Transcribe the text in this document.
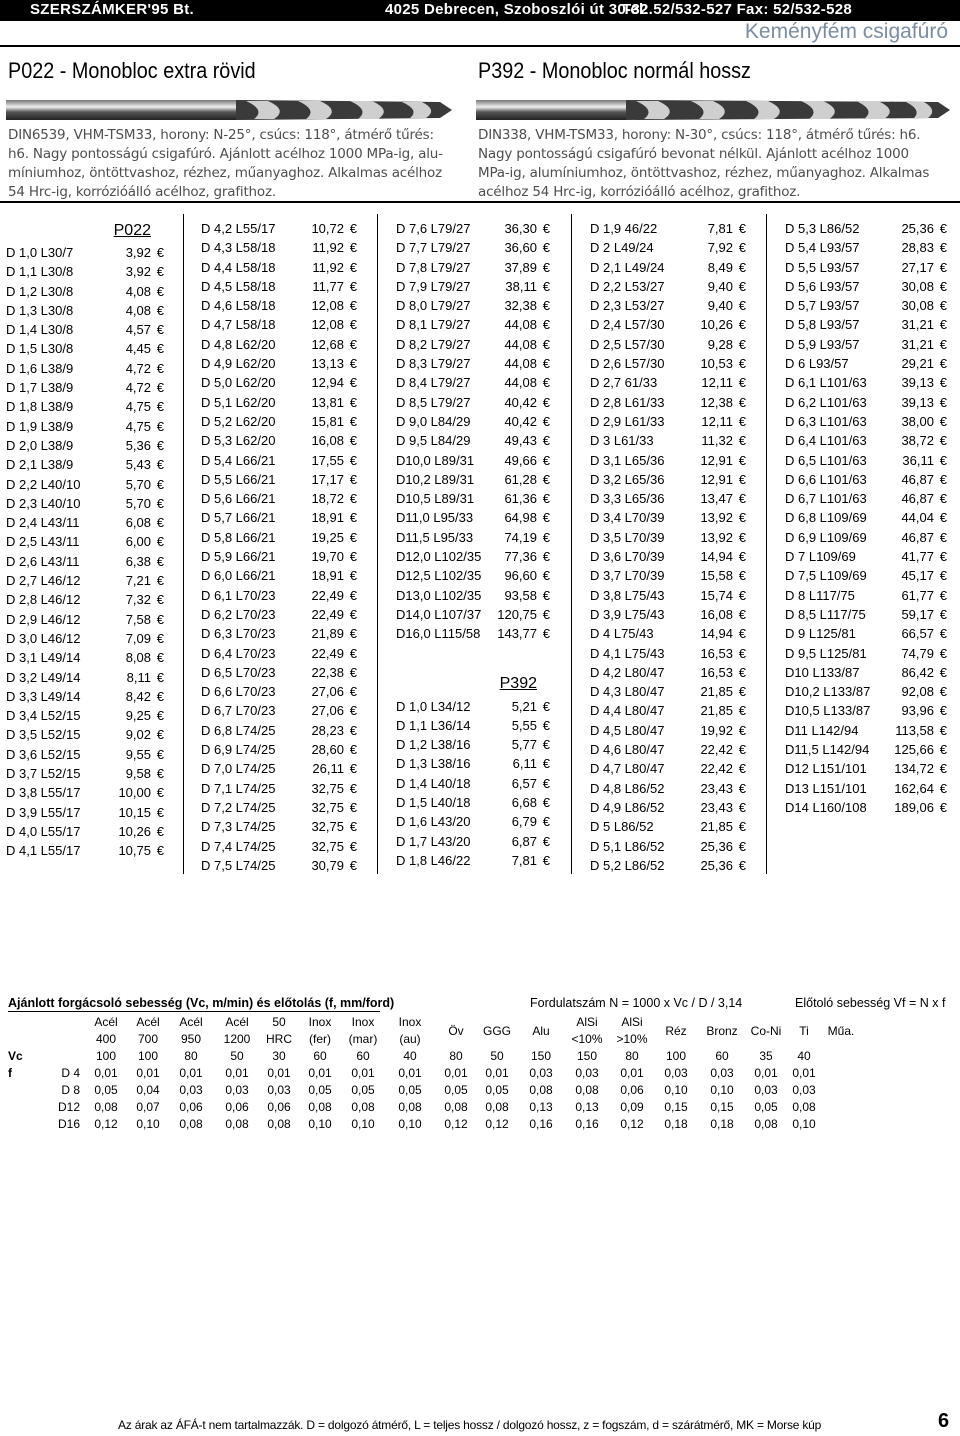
SZERSZÁMKER'95 Bt.	4025 Debrecen, Szoboszlói út 30-32.
Tel: 52/532-527 Fax: 52/532-528
Keményfém csigafúró
P022 - Monobloc extra rövid	P392 - Monobloc normál hossz
DIN6539, VHM-TSM33, horony: N-25°, csúcs: 118°, átmérő tűrés:
h6. Nagy pontosságú csigafúró. Ajánlott acélhoz 1000 MPa-ig, alu-
míniumhoz, öntöttvashoz, rézhez, műanyaghoz. Alkalmas acélhoz
54 Hrc-ig, korrózióálló acélhoz, grafithoz.
DIN338, VHM-TSM33, horony: N-30°, csúcs: 118°, átmérő tűrés: h6.
Nagy pontosságú csigafúró bevonat nélkül. Ajánlott acélhoz 1000
MPa-ig, alumíniumhoz, öntöttvashoz, rézhez, műanyaghoz. Alkalmas
acélhoz 54 Hrc-ig, korrózióálló acélhoz, grafithoz.
P022
D 1,0 L30/7	3,92 €
D 1,1 L30/8	3,92 €
D 1,2 L30/8	4,08 €
D 1,3 L30/8	4,08 €
D 1,4 L30/8	4,57 €
D 1,5 L30/8	4,45 €
D 1,6 L38/9	4,72 €
D 1,7 L38/9	4,72 €
D 1,8 L38/9	4,75 €
D 1,9 L38/9	4,75 €
D 2,0 L38/9	5,36 €
D 2,1 L38/9	5,43 €
D 2,2 L40/10	5,70 €
D 2,3 L40/10	5,70 €
D 2,4 L43/11	6,08 €
D 2,5 L43/11	6,00 €
D 2,6 L43/11	6,38 €
D 2,7 L46/12	7,21 €
D 2,8 L46/12	7,32 €
D 2,9 L46/12	7,58 €
D 3,0 L46/12	7,09 €
D 3,1 L49/14	8,08 €
D 3,2 L49/14	8,11 €
D 3,3 L49/14	8,42 €
D 3,4 L52/15	9,25 €
D 3,5 L52/15	9,02 €
D 3,6 L52/15	9,55 €
D 3,7 L52/15	9,58 €
D 3,8 L55/17	10,00 €
D 3,9 L55/17	10,15 €
D 4,0 L55/17	10,26 €
D 4,1 L55/17	10,75 €
D 4,2 L55/17	10,72 €
D 4,3 L58/18	11,92 €
D 4,4 L58/18	11,92 €
D 4,5 L58/18	11,77 €
D 4,6 L58/18	12,08 €
D 4,7 L58/18	12,08 €
D 4,8 L62/20	12,68 €
D 4,9 L62/20	13,13 €
D 5,0 L62/20	12,94 €
D 5,1 L62/20	13,81 €
D 5,2 L62/20	15,81 €
D 5,3 L62/20	16,08 €
D 5,4 L66/21	17,55 €
D 5,5 L66/21	17,17 €
D 5,6 L66/21	18,72 €
D 5,7 L66/21	18,91 €
D 5,8 L66/21	19,25 €
D 5,9 L66/21	19,70 €
D 6,0 L66/21	18,91 €
D 6,1 L70/23	22,49 €
D 6,2 L70/23	22,49 €
D 6,3 L70/23	21,89 €
D 6,4 L70/23	22,49 €
D 6,5 L70/23	22,38 €
D 6,6 L70/23	27,06 €
D 6,7 L70/23	27,06 €
D 6,8 L74/25	28,23 €
D 6,9 L74/25	28,60 €
D 7,0 L74/25	26,11 €
D 7,1 L74/25	32,75 €
D 7,2 L74/25	32,75 €
D 7,3 L74/25	32,75 €
D 7,4 L74/25	32,75 €
D 7,5 L74/25	30,79 €
D 7,6 L79/27	36,30 €
D 7,7 L79/27	36,60 €
D 7,8 L79/27	37,89 €
D 7,9 L79/27	38,11 €
D 8,0 L79/27	32,38 €
D 8,1 L79/27	44,08 €
D 8,2 L79/27	44,08 €
D 8,3 L79/27	44,08 €
D 8,4 L79/27	44,08 €
D 8,5 L79/27	40,42 €
D 9,0 L84/29	40,42 €
D 9,5 L84/29	49,43 €
D10,0 L89/31 49,66 €
D10,2 L89/31 61,28 €
D10,5 L89/31 61,36 €
D11,0 L95/33 64,98 €
D11,5 L95/33 74,19 €
D12,0 L102/35 77,36 €
D12,5 L102/35 96,60 €
D13,0 L102/35 93,58 €
D14,0 L107/37 120,75 €
D16,0 L115/58 143,77 €
P392
D 1,0 L34/12	5,21 €
D 1,1 L36/14	5,55 €
D 1,2 L38/16	5,77 €
D 1,3 L38/16	6,11 €
D 1,4 L40/18	6,57 €
D 1,5 L40/18	6,68 €
D 1,6 L43/20	6,79 €
D 1,7 L43/20	6,87 €
D 1,8 L46/22	7,81 €
D 1,9 46/22	7,81 €
D 2 L49/24	7,92 €
D 2,1 L49/24	8,49 €
D 2,2 L53/27	9,40 €
D 2,3 L53/27	9,40 €
D 2,4 L57/30	10,26 €
D 2,5 L57/30	9,28 €
D 2,6 L57/30	10,53 €
D 2,7 61/33	12,11 €
D 2,8 L61/33	12,38 €
D 2,9 L61/33	12,11 €
D 3 L61/33	11,32 €
D 3,1 L65/36	12,91 €
D 3,2 L65/36	12,91 €
D 3,3 L65/36	13,47 €
D 3,4 L70/39	13,92 €
D 3,5 L70/39	13,92 €
D 3,6 L70/39	14,94 €
D 3,7 L70/39	15,58 €
D 3,8 L75/43	15,74 €
D 3,9 L75/43	16,08 €
D 4 L75/43	14,94 €
D 4,1 L75/43	16,53 €
D 4,2 L80/47	16,53 €
D 4,3 L80/47	21,85 €
D 4,4 L80/47	21,85 €
D 4,5 L80/47	19,92 €
D 4,6 L80/47	22,42 €
D 4,7 L80/47	22,42 €
D 4,8 L86/52	23,43 €
D 4,9 L86/52	23,43 €
D 5 L86/52	21,85 €
D 5,1 L86/52	25,36 €
D 5,2 L86/52	25,36 €
D 5,3 L86/52	25,36 €
D 5,4 L93/57	28,83 €
D 5,5 L93/57	27,17 €
D 5,6 L93/57	30,08 €
D 5,7 L93/57	30,08 €
D 5,8 L93/57	31,21 €
D 5,9 L93/57	31,21 €
D 6 L93/57	29,21 €
D 6,1 L101/63	39,13 €
D 6,2 L101/63	39,13 €
D 6,3 L101/63	38,00 €
D 6,4 L101/63	38,72 €
D 6,5 L101/63	36,11 €
D 6,6 L101/63	46,87 €
D 6,7 L101/63	46,87 €
D 6,8 L109/69	44,04 €
D 6,9 L109/69	46,87 €
D 7 L109/69	41,77 €
D 7,5 L109/69	45,17 €
D 8 L117/75	61,77 €
D 8,5 L117/75	59,17 €
D 9 L125/81	66,57 €
D 9,5 L125/81	74,79 €
D10 L133/87	86,42 €
D10,2 L133/87 92,08 €
D10,5 L133/87 93,96 €
D11 L142/94	113,58 €
D11,5 L142/94 125,66 €
D12 L151/101 134,72 €
D13 L151/101 162,64 €
D14 L160/108 189,06 €
Ajánlott forgácsoló sebesség (Vc, m/min) és előtolás (f, mm/ford)	Fordulatszám N = 1000 x Vc / D / 3,14	Előtoló sebesség Vf = N x f
		Acél	Acél	Acél	Acél	50	Inox	Inox	Inox	Öv	GGG	Alu	AlSi	AlSi	Réz	Bronz	Co-Ni	Ti	Műa.
		400	700	950	1200	HRC	(fer)	(mar)	(au)				<10%	>10%					
Vc		100	100	80	50	30	60	60	40	80	50	150	150	80	100	60	35	40	
f	D 4	0,01	0,01	0,01	0,01	0,01	0,01	0,01	0,01	0,01	0,01	0,03	0,03	0,01	0,03	0,03	0,01	0,01	
	D 8	0,05	0,04	0,03	0,03	0,03	0,05	0,05	0,05	0,05	0,05	0,08	0,08	0,06	0,10	0,10	0,03	0,03	
	D12	0,08	0,07	0,06	0,06	0,06	0,08	0,08	0,08	0,08	0,08	0,13	0,13	0,09	0,15	0,15	0,05	0,08	
	D16	0,12	0,10	0,08	0,08	0,08	0,10	0,10	0,10	0,12	0,12	0,16	0,16	0,12	0,18	0,18	0,08	0,10	
Az árak az ÁFÁ-t nem tartalmazzák. D = dolgozó átmérő, L = teljes hossz / dolgozó hossz, z = fogszám, d = szárátmérő, MK = Morse kúp	6
